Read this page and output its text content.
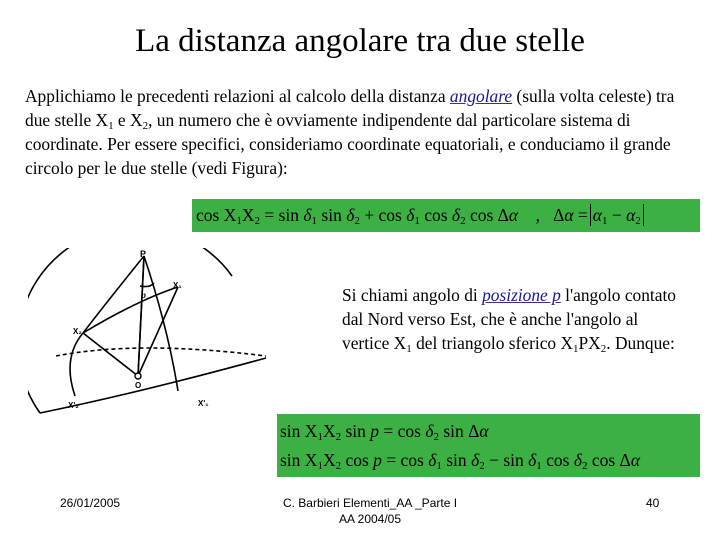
La distanza angolare tra due stelle
Applichiamo le precedenti relazioni al calcolo della distanza angolare (sulla volta celeste) tra due stelle $X_1$ e $X_2$, un numero che è ovviamente indipendente dal particolare sistema di coordinate. Per essere specifici, consideriamo coordinate equatoriali, e conduciamo il grande circolo per le due stelle (vedi Figura):
$\cos X_1X_2 = \sin \delta_1$ $\sin \delta_2 + \cos \delta_1$ $\cos \delta_2$ cos Δα    ,   $\Delta\alpha = \alpha_1 - \alpha_2$
P
p
X₁
X₂
O
X'₁
X'₂
Si chiami angolo di posizione p l'angolo contato dal Nord verso Est, che è anche l'angolo al vertice $X_1$ del triangolo sferico $X_1PX_2$. Dunque:
$\sin X_1X_2$ $\sin p = \cos \delta_2$ sin Δα
$\sin X_1X_2$ $\cos p = \cos \delta_1$ $\sin \delta_2 - \sin \delta_1$ $\cos \delta_2$ cos Δα
26/01/2005	C. Barbieri Elementi_AA _Parte I
AA 2004/05
40
